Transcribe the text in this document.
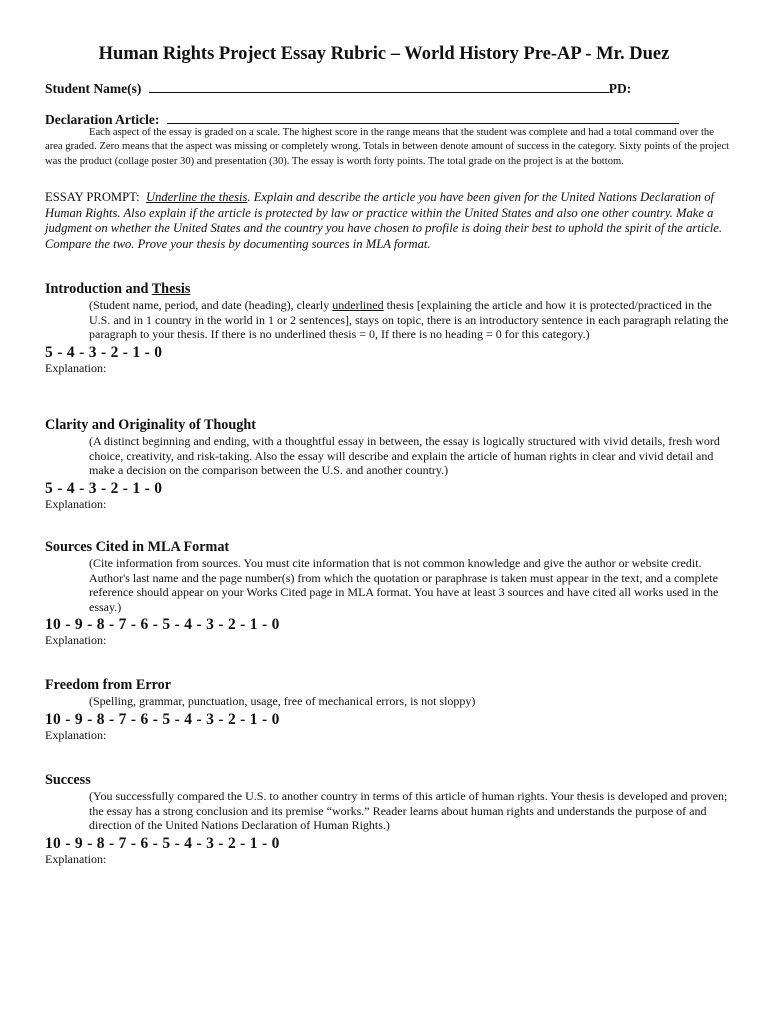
Human Rights Project Essay Rubric – World History Pre-AP - Mr. Duez
Student Name(s)	PD:
Declaration Article:
Each aspect of the essay is graded on a scale. The highest score in the range means that the student was complete and had a total command over the area graded. Zero means that the aspect was missing or completely wrong. Totals in between denote amount of success in the category. Sixty points of the project was the product (collage poster 30) and presentation (30). The essay is worth forty points. The total grade on the project is at the bottom.
ESSAY PROMPT: Underline the thesis. Explain and describe the article you have been given for the United Nations Declaration of Human Rights. Also explain if the article is protected by law or practice within the United States and also one other country. Make a judgment on whether the United States and the country you have chosen to profile is doing their best to uphold the spirit of the article. Compare the two. Prove your thesis by documenting sources in MLA format.
Introduction and Thesis
(Student name, period, and date (heading), clearly underlined thesis [explaining the article and how it is protected/practiced in the U.S. and in 1 country in the world in 1 or 2 sentences], stays on topic, there is an introductory sentence in each paragraph relating the paragraph to your thesis. If there is no underlined thesis = 0, If there is no heading = 0 for this category.)
5 - 4 - 3 - 2 - 1 - 0
Explanation:
Clarity and Originality of Thought
(A distinct beginning and ending, with a thoughtful essay in between, the essay is logically structured with vivid details, fresh word choice, creativity, and risk-taking. Also the essay will describe and explain the article of human rights in clear and vivid detail and make a decision on the comparison between the U.S. and another country.)
5 - 4 - 3 - 2 - 1 - 0
Explanation:
Sources Cited in MLA Format
(Cite information from sources. You must cite information that is not common knowledge and give the author or website credit. Author's last name and the page number(s) from which the quotation or paraphrase is taken must appear in the text, and a complete reference should appear on your Works Cited page in MLA format. You have at least 3 sources and have cited all works used in the essay.)
10 - 9 - 8 - 7 - 6 - 5 - 4 - 3 - 2 - 1 - 0
Explanation:
Freedom from Error
(Spelling, grammar, punctuation, usage, free of mechanical errors, is not sloppy)
10 - 9 - 8 - 7 - 6 - 5 - 4 - 3 - 2 - 1 - 0
Explanation:
Success
(You successfully compared the U.S. to another country in terms of this article of human rights. Your thesis is developed and proven; the essay has a strong conclusion and its premise “works.” Reader learns about human rights and understands the purpose of and direction of the United Nations Declaration of Human Rights.)
10 - 9 - 8 - 7 - 6 - 5 - 4 - 3 - 2 - 1 - 0
Explanation:
